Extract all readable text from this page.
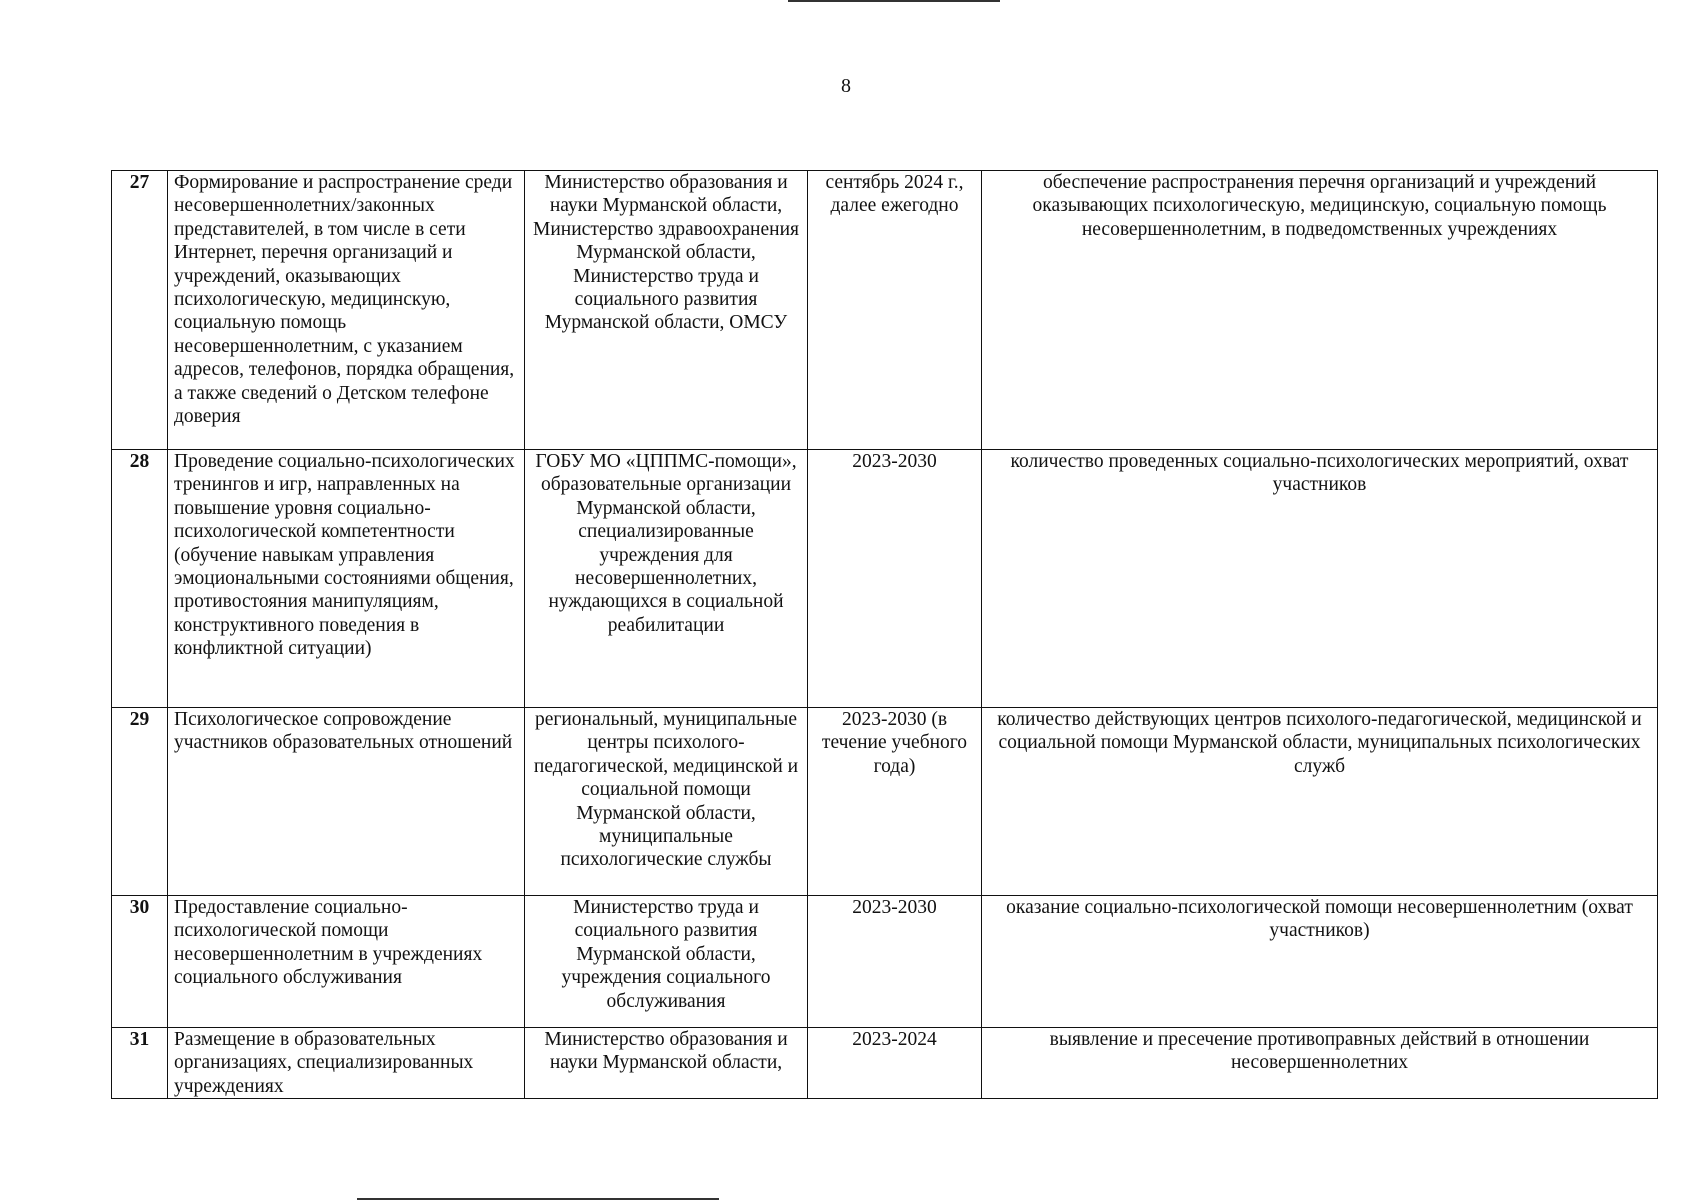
8
27	Формирование и распространение среди несовершеннолетних/законных представителей, в том числе в сети Интернет, перечня организаций и учреждений, оказывающих психологическую, медицинскую, социальную помощь несовершеннолетним, с указанием адресов, телефонов, порядка обращения, а также сведений о Детском телефоне доверия	Министерство образования и науки Мурманской области, Министерство здравоохранения Мурманской области, Министерство труда и социального развития Мурманской области, ОМСУ	сентябрь 2024 г., далее ежегодно	обеспечение распространения перечня организаций и учреждений оказывающих психологическую, медицинскую, социальную помощь несовершеннолетним, в подведомственных учреждениях
28	Проведение социально-психологических тренингов и игр, направленных на повышение уровня социально-психологической компетентности (обучение навыкам управления эмоциональными состояниями общения, противостояния манипуляциям, конструктивного поведения в конфликтной ситуации)	ГОБУ МО «ЦППМС-помощи», образовательные организации Мурманской области, специализированные учреждения для несовершеннолетних, нуждающихся в социальной реабилитации	2023-2030	количество проведенных социально-психологических мероприятий, охват участников
29	Психологическое сопровождение участников образовательных отношений	региональный, муниципальные центры психолого-педагогической, медицинской и социальной помощи Мурманской области, муниципальные психологические службы	2023-2030 (в течение учебного года)	количество действующих центров психолого-педагогической, медицинской и социальной помощи Мурманской области, муниципальных психологических служб
30	Предоставление социально-психологической помощи несовершеннолетним в учреждениях социального обслуживания	Министерство труда и социального развития Мурманской области, учреждения социального обслуживания	2023-2030	оказание социально-психологической помощи несовершеннолетним (охват участников)
31	Размещение в образовательных организациях, специализированных учреждениях	Министерство образования и науки Мурманской области,	2023-2024	выявление и пресечение противоправных действий в отношении несовершеннолетних
